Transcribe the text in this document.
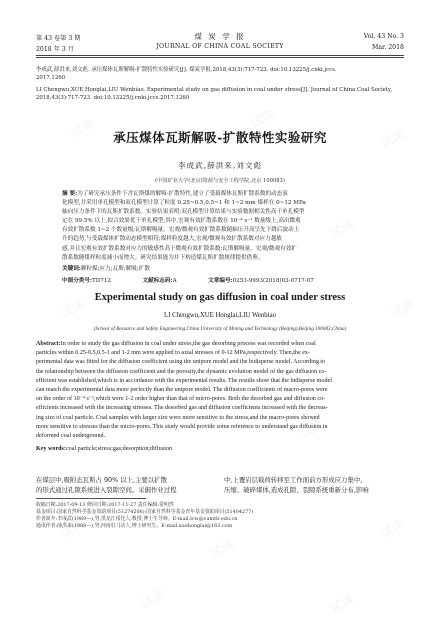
试读	试读
试读
试读	试读
试读
试读
试读
试读
试读
试读
试读
试读
试读	试读
第 43 卷第 3 期
2018 年 3 月
煤 炭 学 报
JOURNAL OF CHINA COAL SOCIETY
Vol. 43 No. 3
Mar. 2018
李成武,薛洪来,刘文彪. 承压煤体瓦斯解吸-扩散特性实验研究[J]. 煤炭学报,2018,43(3):717-723. doi:10.13225/j.cnki.jccs.
2017.1260
LI Chengwu,XUE Honglai,LIU Wenbiao. Experimental study on gas diffusion in coal under stress[J]. Journal of China Coal Society,
2018,43(3):717-723. doi:10.13225/j.cnki.jccs.2017.1260
承压煤体瓦斯解吸-扩散特性实验研究
李成武,薛洪来,刘文彪
(中国矿业大学(北京)资源与安全工程学院,北京 100083)
摘 要:为了研究承压条件下含瓦斯煤的解吸-扩散特性,建立了受载煤体瓦斯扩散系数的动态演
化模型,并采用单孔模型和双孔模型计算了粒度 0.25~0.5,0.5~1 和 1~2 mm 煤样在 0~12 MPa
轴向压力条件下的瓦斯扩散系数。实验结果表明:双孔模型计算结果与实验数据相关性高于单孔模型
定在 99.5% 以上,拟合效果优于单孔模型,其中,宏观有效扩散系数在 10⁻⁴ s⁻¹ 数量级上,高出微观
有效扩散系数 1~2 个数量级;瓦斯解吸量、宏观/微观有效扩散系数随轴压升高呈先下降后波动上
升的趋势,与受载煤体扩散动态模型相符;煤样粒度越大,宏观/微观有效扩散系数对应力越敏
感,并且宏观有效扩散系数对应力的敏感性高于微观有效扩散系数;瓦斯解吸量、宏观/微观有效扩
散系数随煤样粒度减小而增大。研究结果能为井下构造煤瓦斯扩散规律提供借鉴。
关键词:颗粒煤;应力;瓦斯;解吸;扩散
中图分类号:TD712	文献标志码:A	文章编号:0253-9993(2018)03-0717-07
Experimental study on gas diffusion in coal under stress
LI Chengwu,XUE Honglai,LIU Wenbiao
(School of Resource and Safety Engineering,China University of Mining and Technology (Beijing),Beijing 100083,China)
Abstract:In order to study the gas diffusion in coal under stress,the gas desorbing process was recorded when coal
particles within 0.25-0.5,0.5-1 and 1-2 mm were applied to axial stresses of 0-12 MPa,respectively. Then,the ex-
perimental data was fitted for the diffusion coefficient using the unipore model and the bidisperse model. According to
the relationship between the diffusion coefficient and the porosity,the dynamic evolution model of the gas diffusion co-
efficient was established,which is in accordance with the experimental results. The results show that the bidisperse model
can match the experimental data more perfectly than the unipore model. The diffusion coefficients of macro-pores were
on the order of 10⁻⁴ s⁻¹,which were 1-2 order higher than that of micro-pores. Both the desorbed gas and diffusion co-
efficients increased with the increasing stresses. The desorbed gas and diffusion coefficients increased with the decreas-
ing size of coal particle. Coal samples with larger size were more sensitive to the stress,and the macro-pores showed
more sensitive to stresses than the micro-pores. This study would provide some reference to understand gas diffusion in
deformed coal underground.
Key words:coal particle;stress;gas;desorption;diffusion
在煤层中,吸附态瓦斯占 90% 以上,主要以扩散
的形式通过孔隙系统进入裂隙空间。采掘作业过程
中,上覆岩层载荷转移至工作面前方形成应力集中,
压缩、破碎煤体,造成孔隙、裂隙系统重新分布,影响
收稿日期:2017-09-13 修回日期:2017-11-27 责任编辑:常明然
基金项目:国家自然科学基金资助项目(51274206);国家自然科学基金青年基金资助项目(51404277)
作者简介:李成武(1969—),男,黑龙江绥化人,教授,博士生导师。E-mail:lcw@cumtb.edu.cn
通讯作者:薛洪来(1988—),男,河南驻马店人,博士研究生。E-mail:xuehonglai@163.com
